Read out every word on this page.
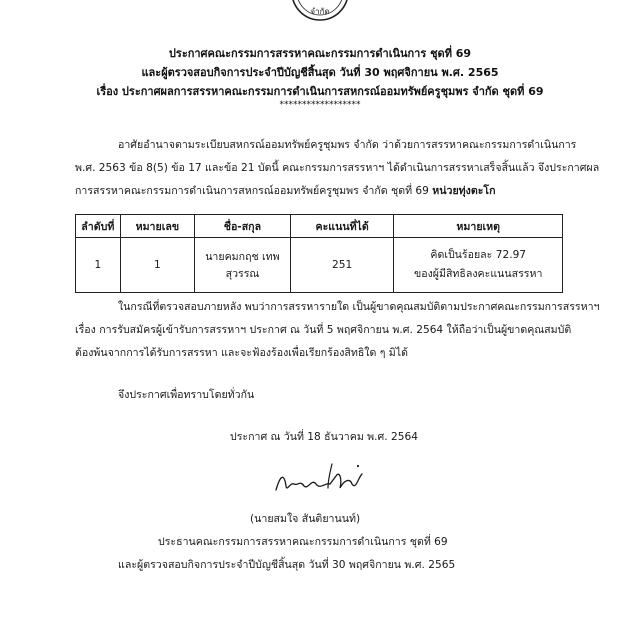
จำกัด
ประกาศคณะกรรมการสรรหาคณะกรรมการดำเนินการ ชุดที่ 69
และผู้ตรวจสอบกิจการประจำปีบัญชีสิ้นสุด วันที่ 30 พฤศจิกายน พ.ศ. 2565
เรื่อง ประกาศผลการสรรหาคณะกรรมการดำเนินการสหกรณ์ออมทรัพย์ครูชุมพร จำกัด ชุดที่ 69
******************
อาศัยอำนาจตามระเบียบสหกรณ์ออมทรัพย์ครูชุมพร จำกัด ว่าด้วยการสรรหาคณะกรรมการดำเนินการ
พ.ศ. 2563 ข้อ 8(5) ข้อ 17 และข้อ 21 บัดนี้ คณะกรรมการสรรหาฯ ได้ดำเนินการสรรหาเสร็จสิ้นแล้ว จึงประกาศผล
การสรรหาคณะกรรมการดำเนินการสหกรณ์ออมทรัพย์ครูชุมพร จำกัด ชุดที่ 69 หน่วยทุ่งตะโก
ลำดับที่	หมายเลข	ชื่อ-สกุล	คะแนนที่ได้	หมายเหตุ
1	1	นายคมกฤช เทพสุวรรณ	251	คิดเป็นร้อยละ 72.97
ของผู้มีสิทธิลงคะแนนสรรหา
ในกรณีที่ตรวจสอบภายหลัง พบว่าการสรรหารายใด เป็นผู้ขาดคุณสมบัติตามประกาศคณะกรรมการสรรหาฯ
เรื่อง การรับสมัครผู้เข้ารับการสรรหาฯ ประกาศ ณ วันที่ 5 พฤศจิกายน พ.ศ. 2564 ให้ถือว่าเป็นผู้ขาดคุณสมบัติ
ต้องพ้นจากการได้รับการสรรหา และจะฟ้องร้องเพื่อเรียกร้องสิทธิใด ๆ มิได้
จึงประกาศเพื่อทราบโดยทั่วกัน
ประกาศ ณ วันที่ 18 ธันวาคม พ.ศ. 2564
(นายสมใจ สันติยานนท์)
ประธานคณะกรรมการสรรหาคณะกรรมการดำเนินการ ชุดที่ 69
และผู้ตรวจสอบกิจการประจำปีบัญชีสิ้นสุด วันที่ 30 พฤศจิกายน พ.ศ. 2565
